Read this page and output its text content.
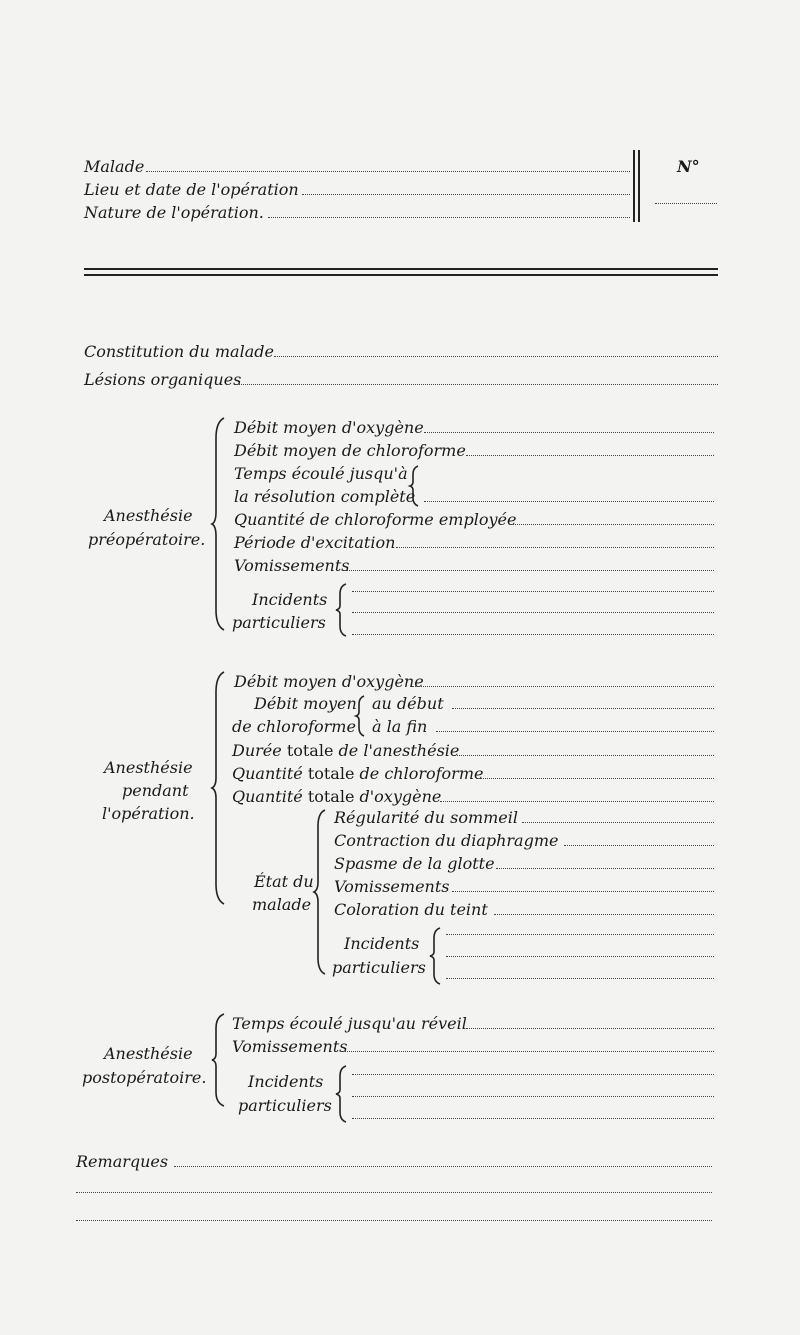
Malade
Lieu et date de l'opération
Nature de l'opération.
N°
Constitution du malade
Lésions organiques
Anesthésie
préopératoire.
Débit moyen d'oxygène
Débit moyen de chloroforme
Temps écoulé jusqu'à
la résolution complète
Quantité de chloroforme employée
Période d'excitation
Vomissements
Incidents
particuliers
Anesthésie
pendant
l'opération.
Débit moyen d'oxygène
Débit moyen
de chloroforme
au début
à la fin
Durée totale de l'anesthésie
Quantité totale de chloroforme
Quantité totale d'oxygène
État du
malade
Régularité du sommeil
Contraction du diaphragme
Spasme de la glotte
Vomissements
Coloration du teint
Incidents
particuliers
Anesthésie
postopératoire.
Temps écoulé jusqu'au réveil
Vomissements
Incidents
particuliers
Remarques
